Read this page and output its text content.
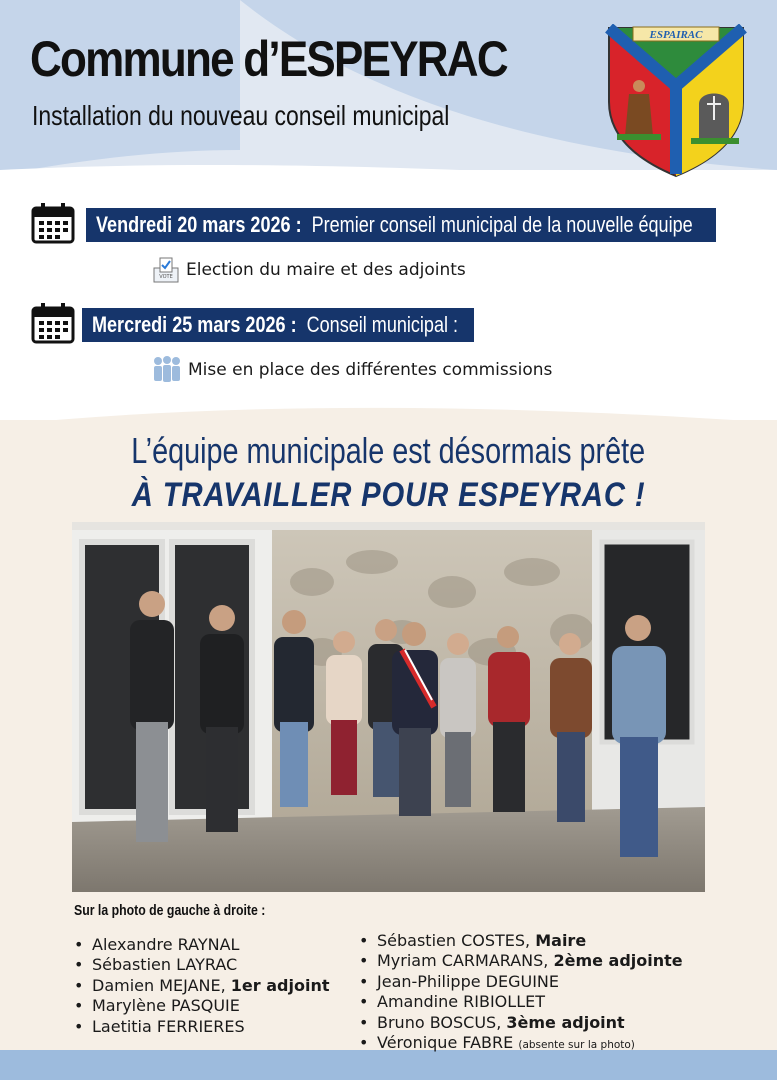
Commune d’ESPEYRAC
Installation du nouveau conseil municipal
ESPAIRAC
Vendredi 20 mars 2026 : Premier conseil municipal de la nouvelle équipe
VOTE Election du maire et des adjoints
Mercredi 25 mars 2026 : Conseil municipal :
Mise en place des différentes commissions
L’équipe municipale est désormais prête
À TRAVAILLER POUR ESPEYRAC !
Sur la photo de gauche à droite :
• Alexandre RAYNAL
• Sébastien LAYRAC
• Damien MEJANE, 1er adjoint
• Marylène PASQUIE
• Laetitia FERRIERES
• Sébastien COSTES, Maire
• Myriam CARMARANS, 2ème adjointe
• Jean-Philippe DEGUINE
• Amandine RIBIOLLET
• Bruno BOSCUS, 3ème adjoint
• Véronique FABRE (absente sur la photo)
